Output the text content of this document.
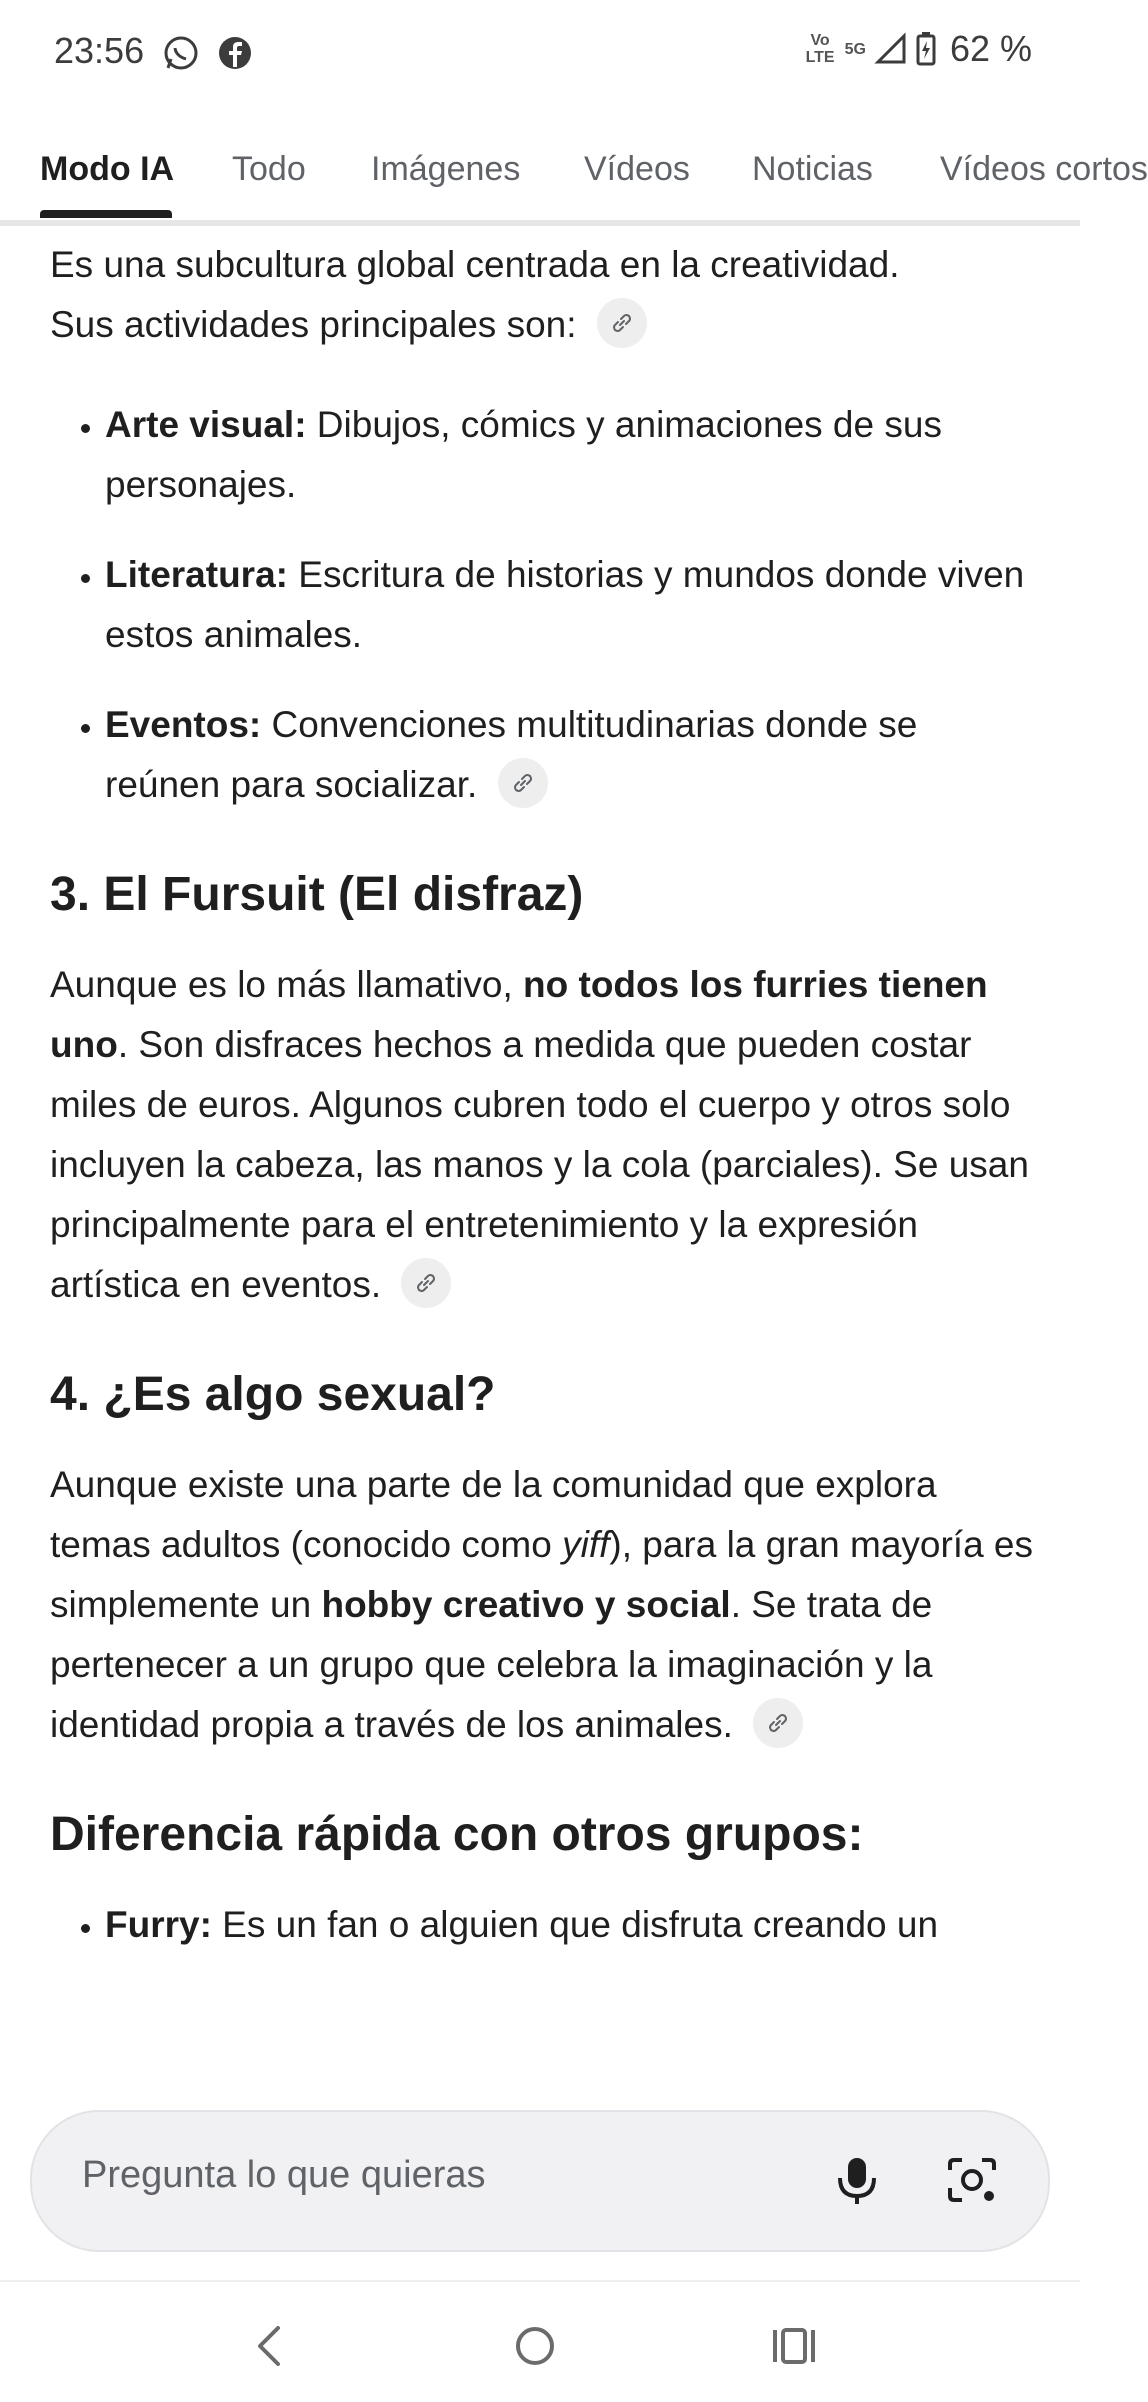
23:56	Vo
LTE 5G 62 %
Modo IA Todo Imágenes Vídeos Noticias Vídeos cortos

Es una subcultura global centrada en la creatividad.
Sus actividades principales son:

• Arte visual: Dibujos, cómics y animaciones de sus personajes.
• Literatura: Escritura de historias y mundos donde viven estos animales.
• Eventos: Convenciones multitudinarias donde se reúnen para socializar.
3. El Fursuit (El disfraz)

Aunque es lo más llamativo, no todos los furries tienen uno. Son disfraces hechos a medida que pueden costar miles de euros. Algunos cubren todo el cuerpo y otros solo incluyen la cabeza, las manos y la cola (parciales). Se usan principalmente para el entretenimiento y la expresión artística en eventos.

4. ¿Es algo sexual?

Aunque existe una parte de la comunidad que explora temas adultos (conocido como yiff), para la gran mayoría es simplemente un hobby creativo y social. Se trata de pertenecer a un grupo que celebra la imaginación y la identidad propia a través de los animales.

Diferencia rápida con otros grupos:
• Furry: Es un fan o alguien que disfruta creando un
Pregunta lo que quieras
